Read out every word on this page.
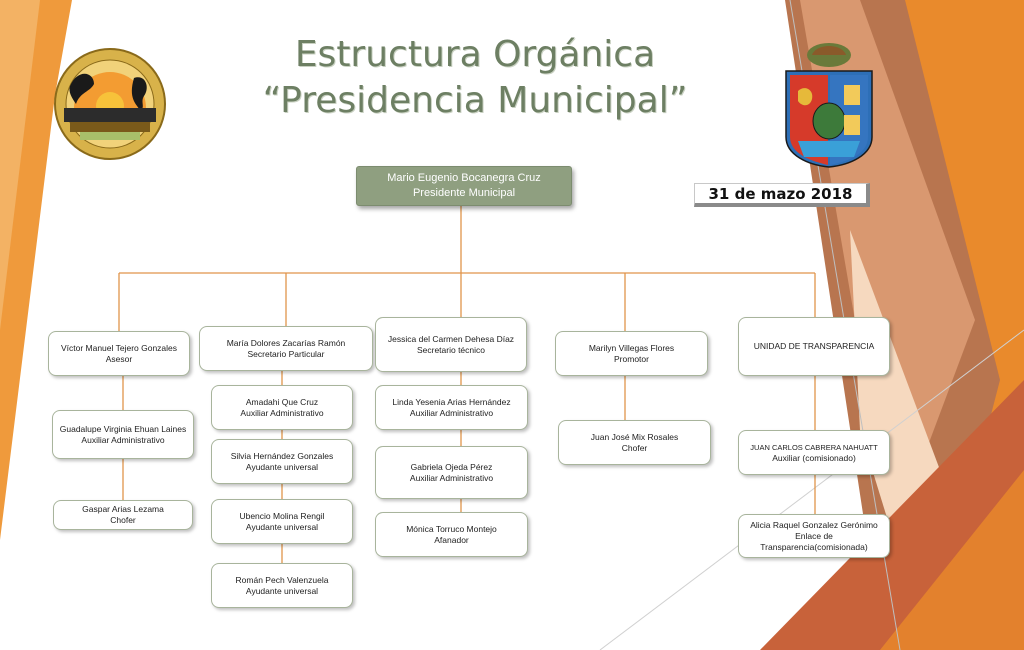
Estructura Orgánica
“Presidencia Municipal”
31 de mazo 2018
Mario Eugenio Bocanegra Cruz
Presidente Municipal
Víctor Manuel Tejero Gonzales
Asesor
Guadalupe Virginia Ehuan Laines
Auxiliar Administrativo
Gaspar Arias Lezama
Chofer
María Dolores Zacarías Ramón
Secretario Particular
Amadahi Que Cruz
Auxiliar Administrativo
Silvia Hernández Gonzales
Ayudante universal
Ubencio Molina Rengil
Ayudante universal
Román Pech Valenzuela
Ayudante universal
Jessica del Carmen Dehesa Díaz
Secretario técnico
Linda Yesenia Arias Hernández
Auxiliar Administrativo
Gabriela Ojeda Pérez
Auxiliar Administrativo
Mónica Torruco Montejo
Afanador
Marilyn Villegas Flores
Promotor
Juan José Mix Rosales
Chofer
UNIDAD DE TRANSPARENCIA
JUAN CARLOS CABRERA NAHUATT
Auxiliar (comisionado)
Alicia Raquel Gonzalez Gerónimo
Enlace de Transparencia(comisionada)
